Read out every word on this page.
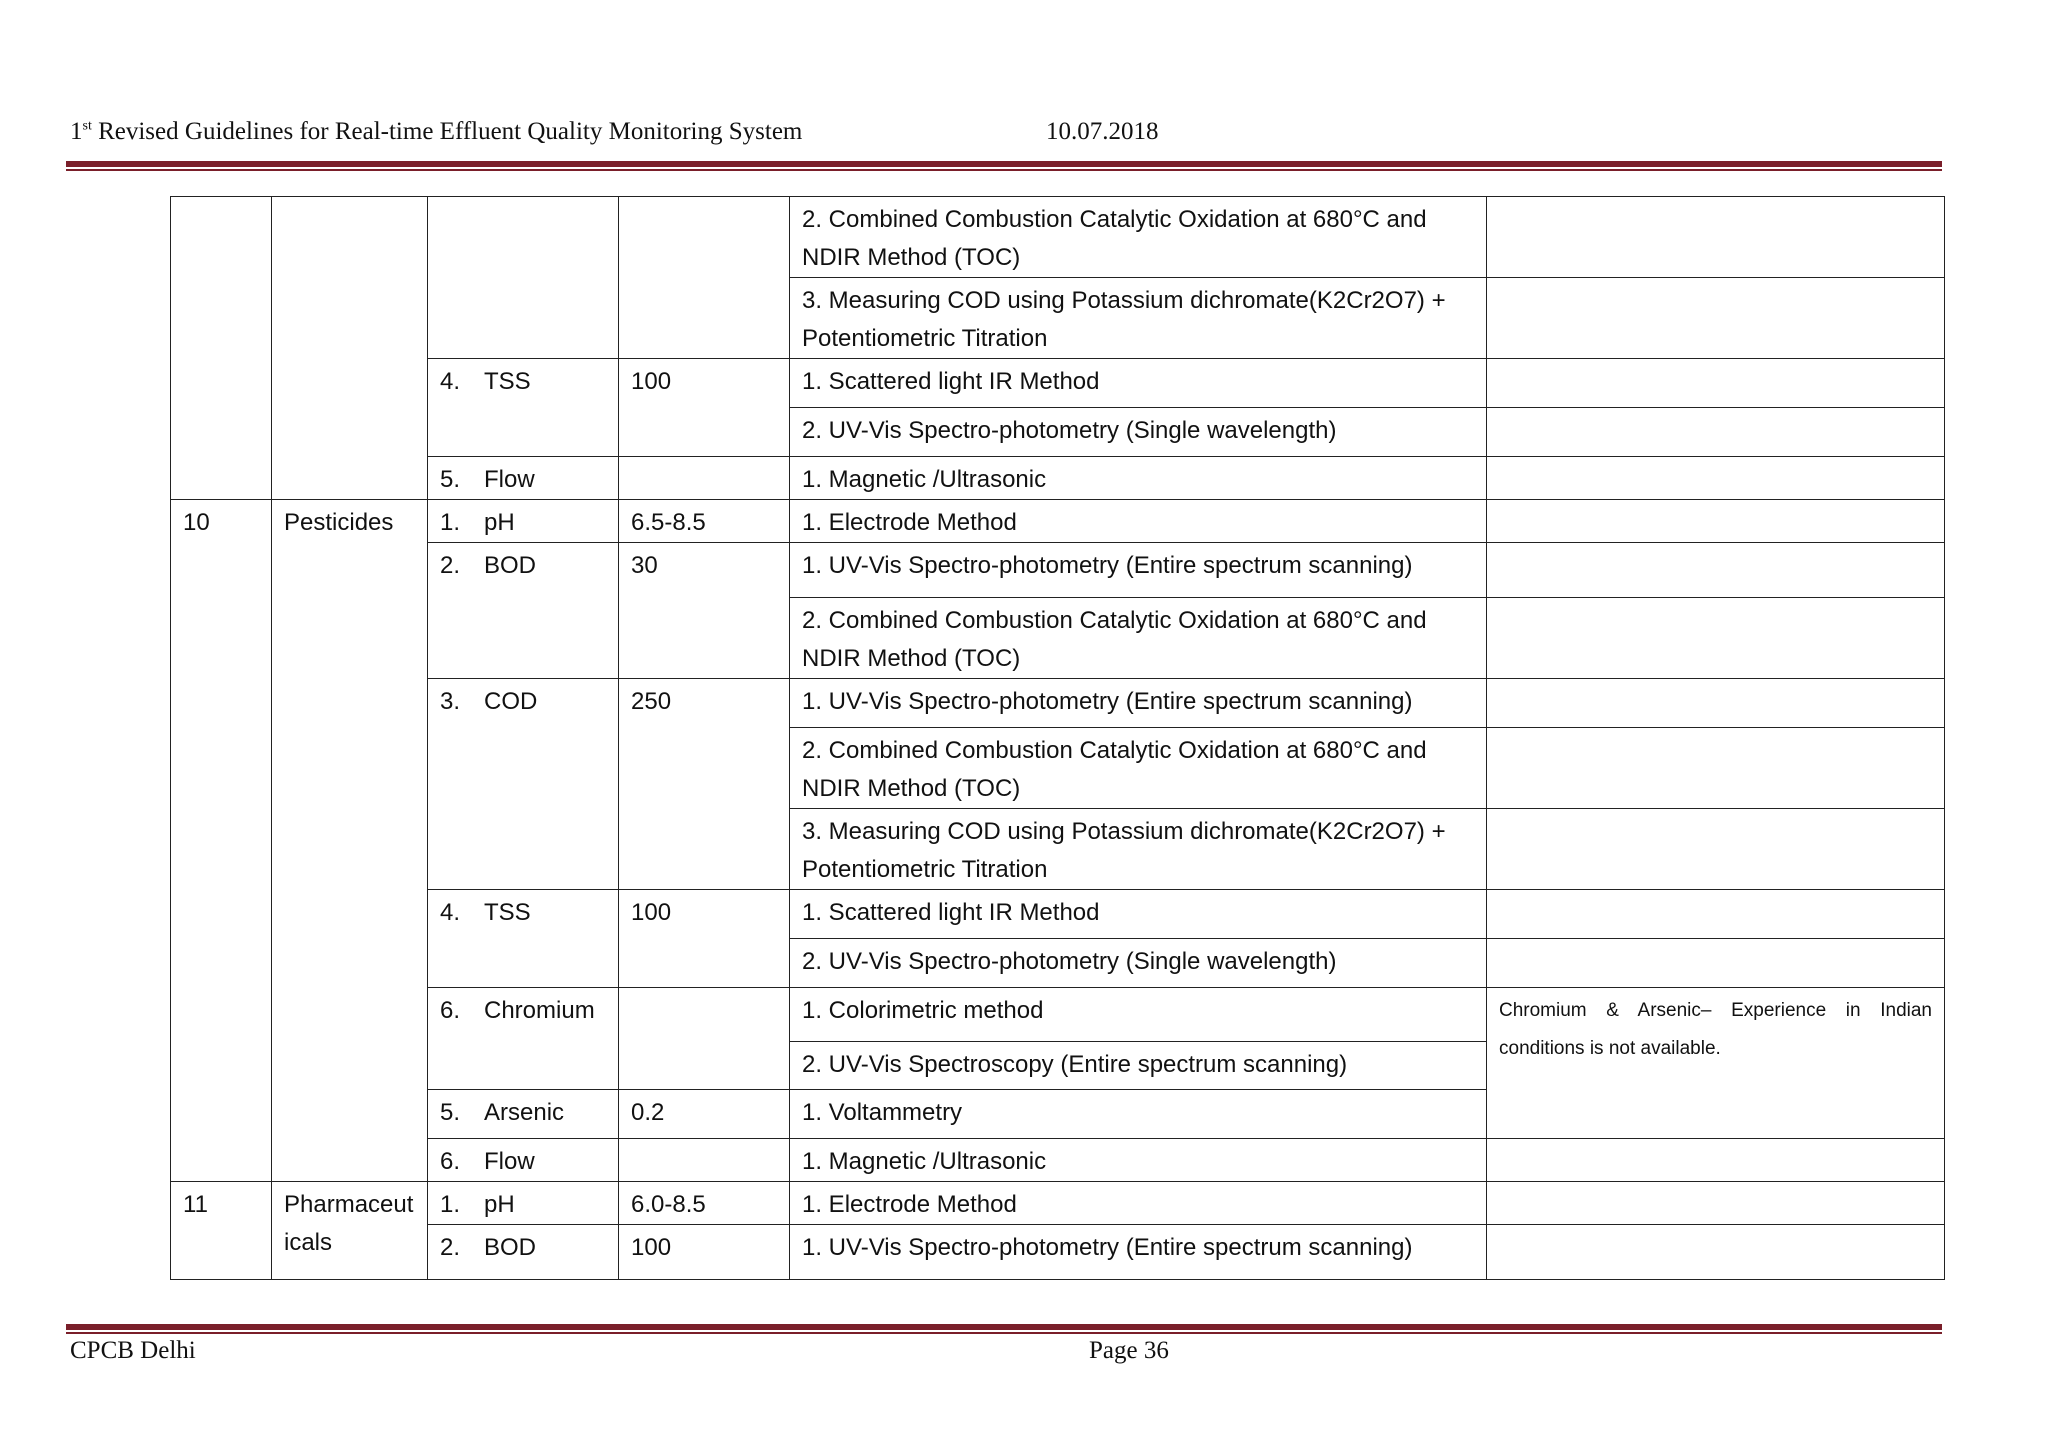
1st Revised Guidelines for Real-time Effluent Quality Monitoring System	10.07.2018
				2. Combined Combustion Catalytic Oxidation at 680°C and NDIR Method (TOC)	
				3. Measuring COD using Potassium dichromate(K2Cr2O7) + Potentiometric Titration	
		4. TSS	100	1. Scattered light IR Method	
				2. UV-Vis Spectro-photometry (Single wavelength)	
		5. Flow		1. Magnetic /Ultrasonic	
10	Pesticides	1. pH	6.5-8.5	1. Electrode Method	
		2. BOD	30	1. UV-Vis Spectro-photometry (Entire spectrum scanning)	
				2. Combined Combustion Catalytic Oxidation at 680°C and NDIR Method (TOC)	
		3. COD	250	1. UV-Vis Spectro-photometry (Entire spectrum scanning)	
				2. Combined Combustion Catalytic Oxidation at 680°C and NDIR Method (TOC)	
				3. Measuring COD using Potassium dichromate(K2Cr2O7) + Potentiometric Titration	
		4. TSS	100	1. Scattered light IR Method	
				2. UV-Vis Spectro-photometry (Single wavelength)	
		6. Chromium		1. Colorimetric method	Chromium & Arsenic– Experience in Indian conditions is not available.
				2. UV-Vis Spectroscopy (Entire spectrum scanning)	
		5. Arsenic	0.2	1. Voltammetry	
		6. Flow		1. Magnetic /Ultrasonic	
11	Pharmaceuticals	1. pH	6.0-8.5	1. Electrode Method	
		2. BOD	100	1. UV-Vis Spectro-photometry (Entire spectrum scanning)	
CPCB Delhi	Page 36
